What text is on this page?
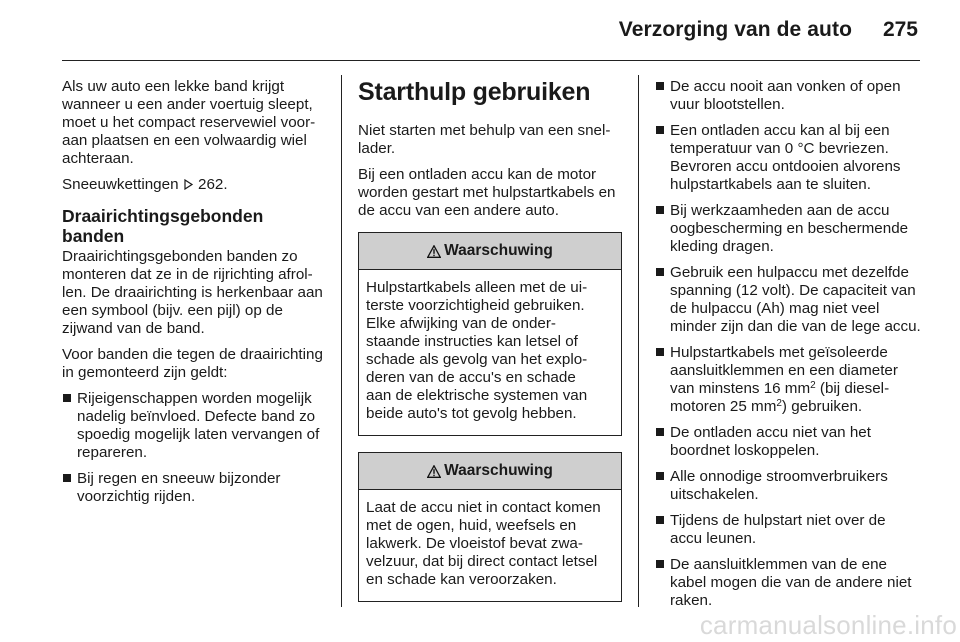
Verzorging van de auto 275

Als uw auto een lekke band krijgt wanneer u een ander voertuig sleept, moet u het compact reservewiel vooraan plaatsen en een volwaardig wiel achteraan.

Sneeuwkettingen 262.

Draairichtingsgebonden banden

Draairichtingsgebonden banden zo monteren dat ze in de rijrichting afrollen. De draairichting is herkenbaar aan een symbool (bijv. een pijl) op de zijwand van de band.

Voor banden die tegen de draairichting in gemonteerd zijn geldt:

Rijeigenschappen worden mogelijk nadelig beïnvloed. Defecte band zo spoedig mogelijk laten vervangen of repareren.
Bij regen en sneeuw bijzonder voorzichtig rijden.
Starthulp gebruiken

Niet starten met behulp van een snellader.

Bij een ontladen accu kan de motor worden gestart met hulpstartkabels en de accu van een andere auto.

Waarschuwing
Hulpstartkabels alleen met de ui-
terste voorzichtigheid gebruiken.
Elke afwijking van de onder-
staande instructies kan letsel of
schade als gevolg van het explo-
deren van de accu's en schade
aan de elektrische systemen van
beide auto's tot gevolg hebben.
Waarschuwing
Laat de accu niet in contact komen
met de ogen, huid, weefsels en
lakwerk. De vloeistof bevat zwa-
velzuur, dat bij direct contact letsel
en schade kan veroorzaken.
De accu nooit aan vonken of open vuur blootstellen.
Een ontladen accu kan al bij een temperatuur van 0 °C bevriezen. Bevroren accu ontdooien alvorens hulpstartkabels aan te sluiten.
Bij werkzaamheden aan de accu oogbescherming en beschermende kleding dragen.
Gebruik een hulpaccu met dezelfde spanning (12 volt). De capaciteit van de hulpaccu (Ah) mag niet veel minder zijn dan die van de lege accu.
Hulpstartkabels met geïsoleerde aansluitklemmen en een diameter van minstens 16 $mm^2$ (bij dieselmotoren 25 $mm^2$) gebruiken.
De ontladen accu niet van het boordnet loskoppelen.
Alle onnodige stroomverbruikers uitschakelen.
Tijdens de hulpstart niet over de accu leunen.
De aansluitklemmen van de ene kabel mogen die van de andere niet raken.
carmanualsonline.info
